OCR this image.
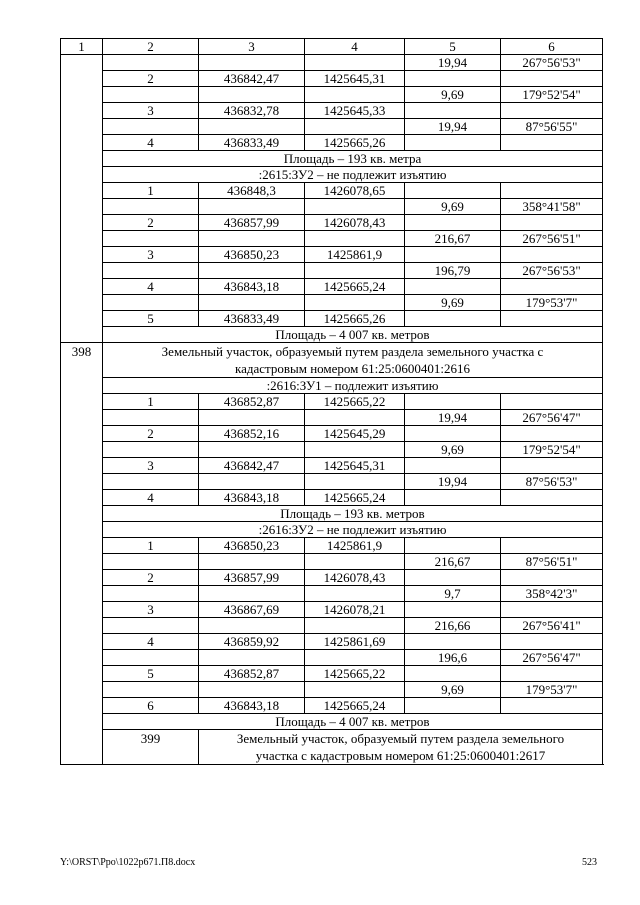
1	2	3	4	5	6
				19,94	267°56'53"
	2	436842,47	1425645,31		
				9,69	179°52'54"
	3	436832,78	1425645,33		
				19,94	87°56'55"
	4	436833,49	1425665,26		
	Площадь – 193 кв. метра				
	:2615:ЗУ2 – не подлежит изъятию				
	1	436848,3	1426078,65		
				9,69	358°41'58"
	2	436857,99	1426078,43		
				216,67	267°56'51"
	3	436850,23	1425861,9		
				196,79	267°56'53"
	4	436843,18	1425665,24		
				9,69	179°53'7"
	5	436833,49	1425665,26		
	Площадь – 4 007 кв. метров				
398	Земельный участок, образуемый путем раздела земельного участка с кадастровым номером 61:25:0600401:2616				
	:2616:ЗУ1 – подлежит изъятию				
	1	436852,87	1425665,22		
				19,94	267°56'47"
	2	436852,16	1425645,29		
				9,69	179°52'54"
	3	436842,47	1425645,31		
				19,94	87°56'53"
	4	436843,18	1425665,24		
	Площадь – 193 кв. метров				
	:2616:ЗУ2 – не подлежит изъятию				
	1	436850,23	1425861,9		
				216,67	87°56'51"
	2	436857,99	1426078,43		
				9,7	358°42'3"
	3	436867,69	1426078,21		
				216,66	267°56'41"
	4	436859,92	1425861,69		
				196,6	267°56'47"
	5	436852,87	1425665,22		
				9,69	179°53'7"
	6	436843,18	1425665,24		
	Площадь – 4 007 кв. метров				
	399	Земельный участок, образуемый путем раздела земельного участка с кадастровым номером 61:25:0600401:2617			
Y:\ORST\Ppo\1022p671.П8.docx	523
